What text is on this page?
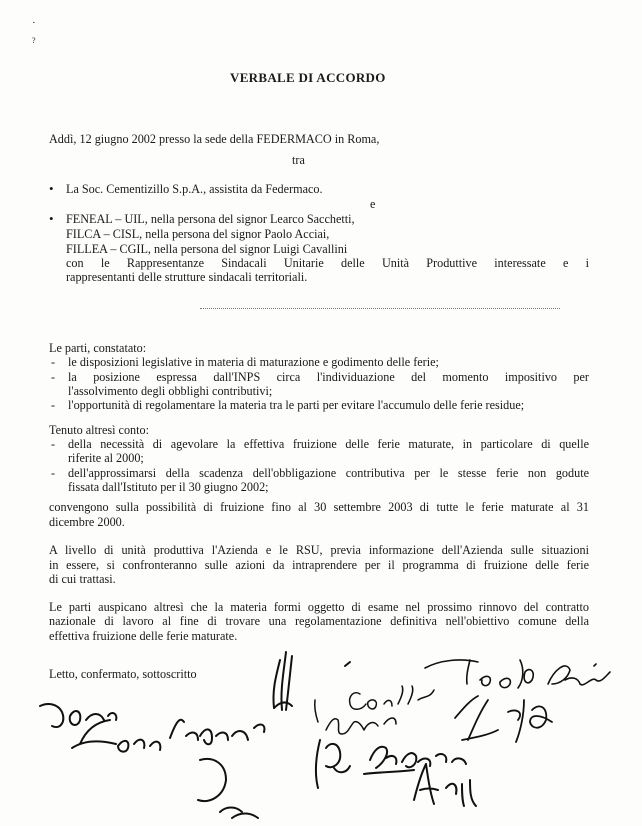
·
?
VERBALE DI ACCORDO
Addì, 12 giugno 2002 presso la sede della FEDERMACO in Roma,
tra
• La Soc. Cementizillo S.p.A., assistita da Federmaco.
e
• FENEAL – UIL, nella persona del signor Learco Sacchetti,
FILCA – CISL, nella persona del signor Paolo Acciai,
FILLEA – CGIL, nella persona del signor Luigi Cavallini
con le Rappresentanze Sindacali Unitarie delle Unità Produttive interessate e i
rappresentanti delle strutture sindacali territoriali.
Le parti, constatato:
- le disposizioni legislative in materia di maturazione e godimento delle ferie;
- la posizione espressa dall'INPS circa l'individuazione del momento impositivo per
l'assolvimento degli obblighi contributivi;
- l'opportunità di regolamentare la materia tra le parti per evitare l'accumulo delle ferie residue;
Tenuto altresì conto:
- della necessità di agevolare la effettiva fruizione delle ferie maturate, in particolare di quelle
riferite al 2000;
- dell'approssimarsi della scadenza dell'obbligazione contributiva per le stesse ferie non godute
fissata dall'Istituto per il 30 giugno 2002;
convengono sulla possibilità di fruizione fino al 30 settembre 2003 di tutte le ferie maturate al 31
dicembre 2000.
A livello di unità produttiva l'Azienda e le RSU, previa informazione dell'Azienda sulle situazioni
in essere, si confronteranno sulle azioni da intraprendere per il programma di fruizione delle ferie
di cui trattasi.
Le parti auspicano altresì che la materia formi oggetto di esame nel prossimo rinnovo del contratto
nazionale di lavoro al fine di trovare una regolamentazione definitiva nell'obiettivo comune della
effettiva fruizione delle ferie maturate.
Letto, confermato, sottoscritto
